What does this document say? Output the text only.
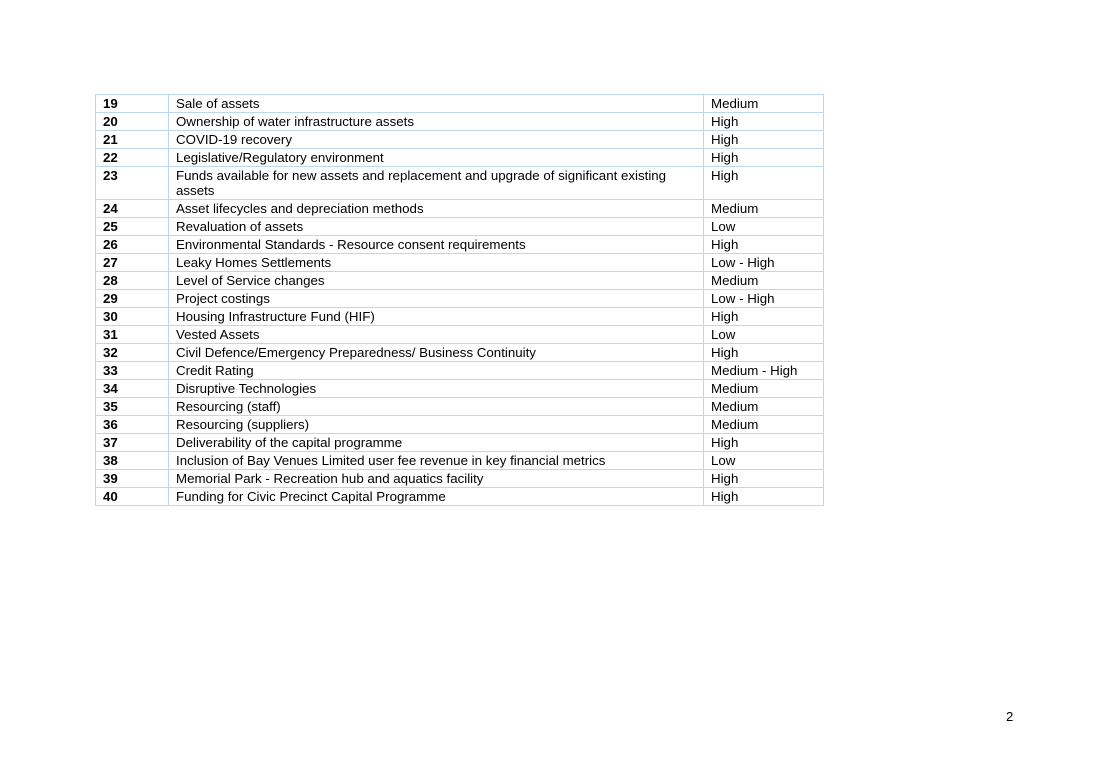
19	Sale of assets	Medium
20	Ownership of water infrastructure assets	High
21	COVID-19 recovery	High
22	Legislative/Regulatory environment	High
23	Funds available for new assets and replacement and upgrade of significant existing assets	High
24	Asset lifecycles and depreciation methods	Medium
25	Revaluation of assets	Low
26	Environmental Standards - Resource consent requirements	High
27	Leaky Homes Settlements	Low - High
28	Level of Service changes	Medium
29	Project costings	Low - High
30	Housing Infrastructure Fund (HIF)	High
31	Vested Assets	Low
32	Civil Defence/Emergency Preparedness/ Business Continuity	High
33	Credit Rating	Medium - High
34	Disruptive Technologies	Medium
35	Resourcing (staff)	Medium
36	Resourcing (suppliers)	Medium
37	Deliverability of the capital programme	High
38	Inclusion of Bay Venues Limited user fee revenue in key financial metrics	Low
39	Memorial Park - Recreation hub and aquatics facility	High
40	Funding for Civic Precinct Capital Programme	High
2
